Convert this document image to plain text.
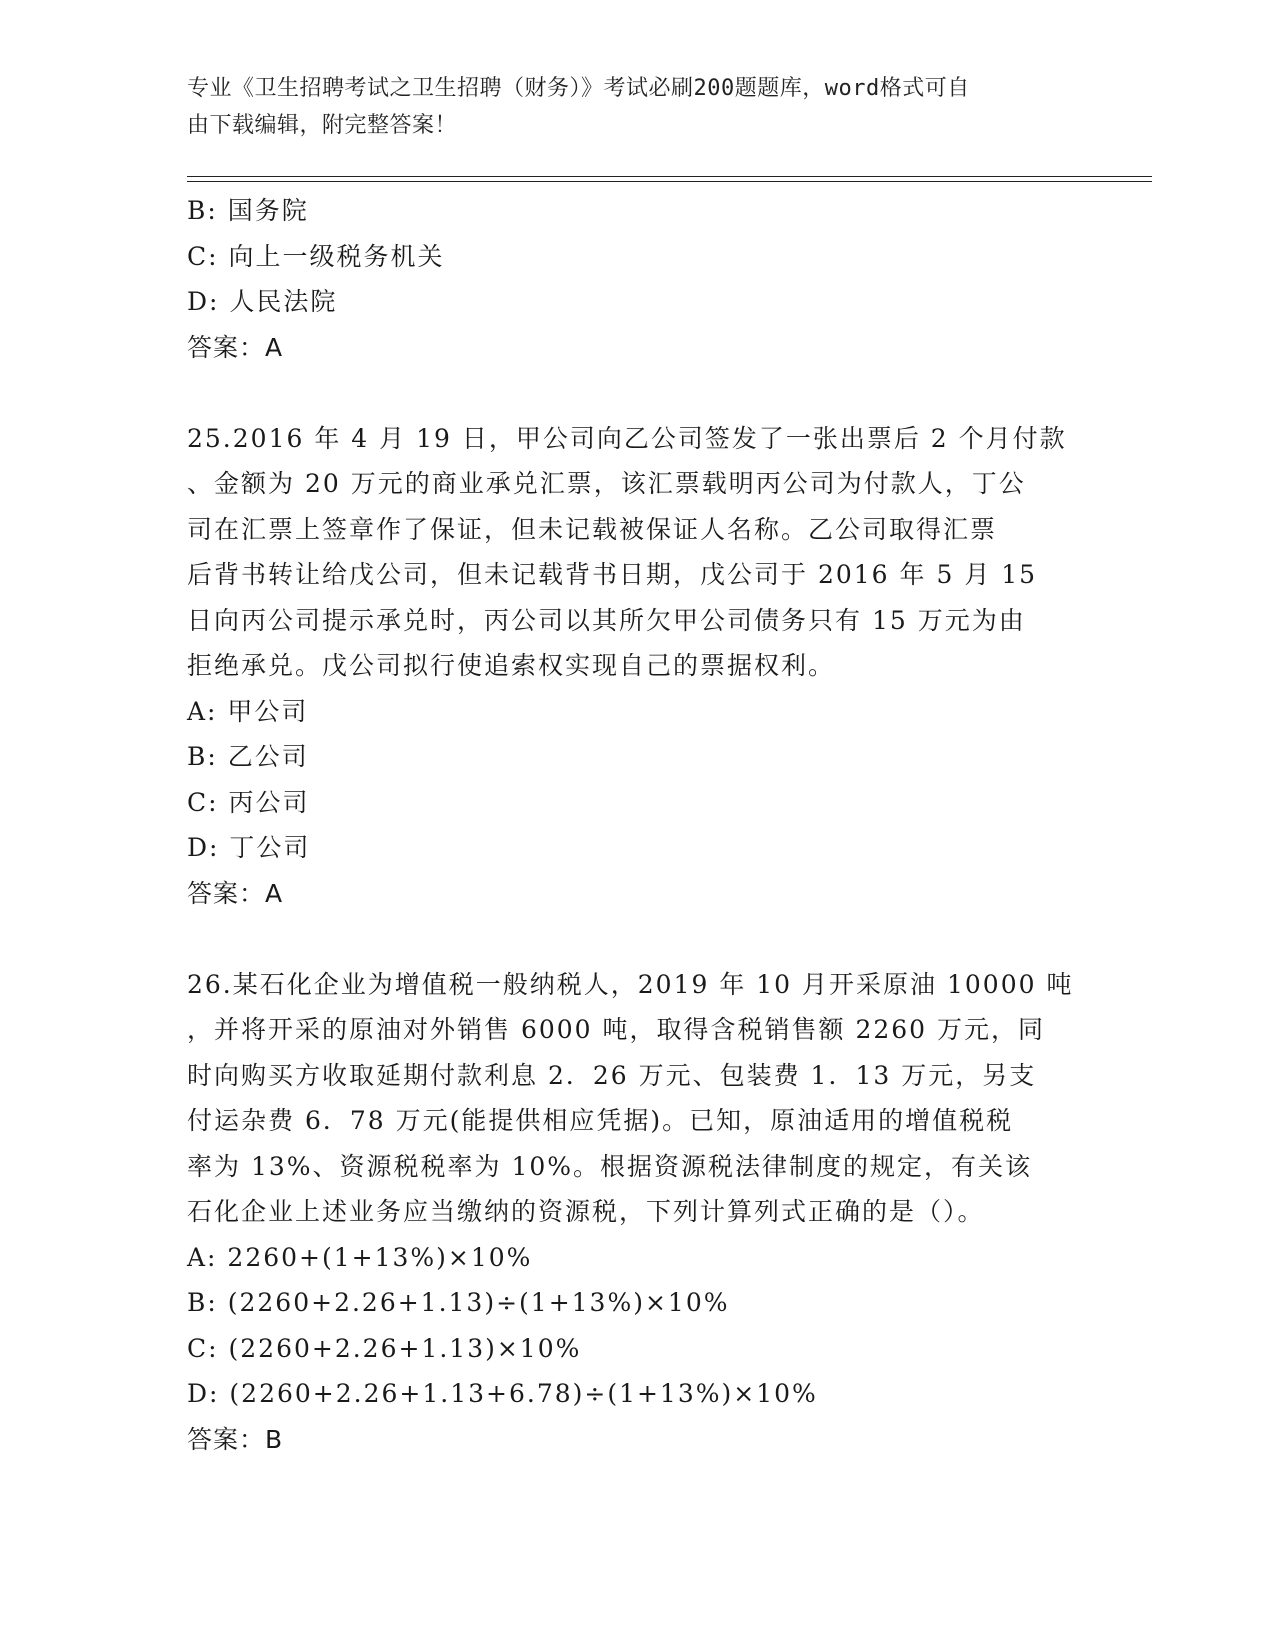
专业《卫生招聘考试之卫生招聘（财务）》考试必刷200题题库，word格式可自
由下载编辑，附完整答案！
B: 国务院
C: 向上一级税务机关
D: 人民法院
答案：A
25.2016 年 4 月 19 日，甲公司向乙公司签发了一张出票后 2 个月付款
、金额为 20 万元的商业承兑汇票，该汇票载明丙公司为付款人，丁公
司在汇票上签章作了保证，但未记载被保证人名称。乙公司取得汇票
后背书转让给戊公司，但未记载背书日期，戊公司于 2016 年 5 月 15
日向丙公司提示承兑时，丙公司以其所欠甲公司债务只有 15 万元为由
拒绝承兑。戊公司拟行使追索权实现自己的票据权利。
A: 甲公司
B: 乙公司
C: 丙公司
D: 丁公司
答案：A
26.某石化企业为增值税一般纳税人，2019 年 10 月开采原油 10000 吨
，并将开采的原油对外销售 6000 吨，取得含税销售额 2260 万元，同
时向购买方收取延期付款利息 2．26 万元、包装费 1．13 万元，另支
付运杂费 6．78 万元(能提供相应凭据)。已知，原油适用的增值税税
率为 13%、资源税税率为 10%。根据资源税法律制度的规定，有关该
石化企业上述业务应当缴纳的资源税，下列计算列式正确的是（）。
A: 2260+(1+13%)×10%
B: (2260+2.26+1.13)÷(1+13%)×10%
C: (2260+2.26+1.13)×10%
D: (2260+2.26+1.13+6.78)÷(1+13%)×10%
答案：B
